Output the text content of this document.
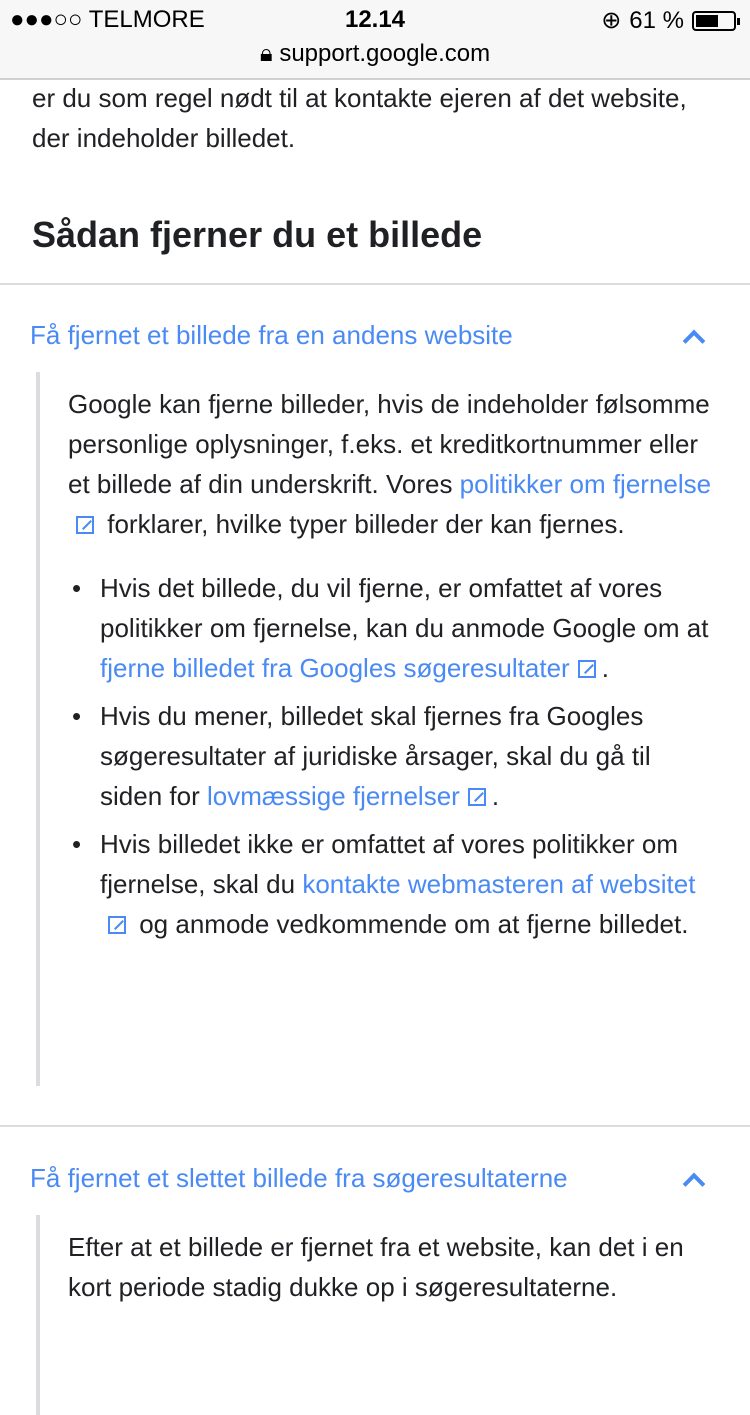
●●●○○ TELMORE	12.14	⊕ 61 %
🔒︎ support.google.com

er du som regel nødt til at kontakte ejeren af det website, der indeholder billedet.

Sådan fjerner du et billede
Få fjernet et billede fra en andens website

Google kan fjerne billeder, hvis de indeholder følsomme personlige oplysninger, f.eks. et kreditkortnummer eller et billede af din underskrift. Vores politikker om fjernelse forklarer, hvilke typer billeder der kan fjernes.

• Hvis det billede, du vil fjerne, er omfattet af vores politikker om fjernelse, kan du anmode Google om at fjerne billedet fra Googles søgeresultater .
• Hvis du mener, billedet skal fjernes fra Googles søgeresultater af juridiske årsager, skal du gå til siden for lovmæssige fjernelser .
• Hvis billedet ikke er omfattet af vores politikker om fjernelse, skal du kontakte webmasteren af websitet og anmode vedkommende om at fjerne billedet.
Få fjernet et slettet billede fra søgeresultaterne

Efter at et billede er fjernet fra et website, kan det i en kort periode stadig dukke op i søgeresultaterne.
